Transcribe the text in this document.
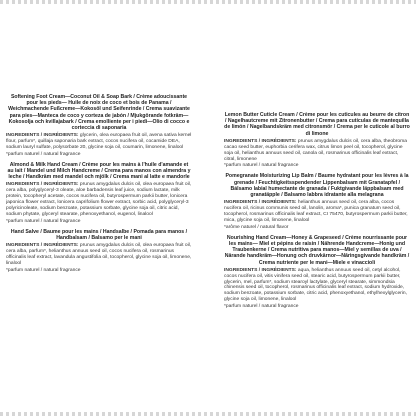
Softening Foot Cream—Coconut Oil & Soap Bark / Crème adoucissante pour les pieds— Huile de noix de coco et bois de Panama / Weichmachende Fußcreme—Kokosöl und Seifenrinde / Crema suavizante para pies—Manteca de coco y corteza de jabón / Mjukgörande fotkräm—Kokosolja och kvillajabark / Crema emolliente per i piedi—Olio di cocco e corteccia di saponaria

INGREDIENTS / INGRÉDIENTS: glycerin, olea europaea fruit oil, avena sativa kernel flour, parfum*, quillaja saponaria bark extract, cocos nucifera oil, cocamide DEA, sodium lauryl sulfate, polysorbate 20, glycine soja oil, coumarin, limonene, linalool

*parfum naturel / natural fragrance

Almond & Milk Hand Cream / Crème pour les mains à l'huile d'amande et au lait / Mandel und Milch Handcreme / Crema para manos con almendra y leche / Handkräm med mandel och mjölk / Crema mani al latte e mandorle

INGREDIENTS / INGRÉDIENTS: prunus amygdalus dulcis oil, olea europaea fruit oil, cera alba, polyglyceryl-3 oleate, aloe barbadensis leaf juice, sodium lactate, milk protein, tocopheryl acetate, cocos nucifera oil, butyrospermum parkii butter, lonicera japonica flower extract, lonicera caprifolium flower extract, sorbic acid, polyglyceryl-3 polyricinoleate, sodium benzoate, potassium sorbate, glycine soja oil, citric acid, sodium phytate, glyceryl stearate, phenoxyethanol, eugenol, linalool

*parfum naturel / natural fragrance

Hand Salve / Baume pour les mains / Handsalbe / Pomada para manos / Handbalsam / Balsamo per le mani

INGREDIENTS / INGRÉDIENTS: prunus amygdalus dulcis oil, olea europaea fruit oil, cera alba, parfum*, helianthus annuus seed oil, cocos nucifera oil, rosmarinus officinalis leaf extract, lavandula angustifolia oil, tocopherol, glycine soja oil, limonene, linalool

*parfum naturel / natural fragrance

Lemon Butter Cuticle Cream / Crème pour les cuticules au beurre de citron / Nagelhautcreme mit Zitronenbutter / Crema para cutículas de mantequilla de limón / Nagelbandskräm med citronsmör / Crema per le cuticole al burro di limone

INGREDIENTS / INGRÉDIENTS: prunus amygdalus dulcis oil, cera alba, theobroma cacao seed butter, euphorbia cerifera wax, citrus limon peel oil, tocopherol, glycine soja oil, helianthus annuus seed oil, canola oil, rosmarinus officinalis leaf extract, citral, limonene

*parfum naturel / natural fragrance

Pomegranate Moisturizing Lip Balm / Baume hydratant pour les lèvres à la grenade / Feuchtigkeitsspendender Lippenbalsam mit Granatapfel / Bálsamo labial humectante de granada / Fuktgivande läppbalsam med granatäpple / Balsamo labbra idratante alla melagrana

INGREDIENTS / INGRÉDIENTS: helianthus annuus seed oil, cera alba, cocos nucifera oil, ricinus communis seed oil, lanolin, aroma*, punica granatum seed oil, tocopherol, rosmarinus officinalis leaf extract, CI 75470, butyrospermum parkii butter, mica, glycine soja oil, limonene, linalool

*arôme naturel / natural flavor

Nourishing Hand Cream—Honey & Grapeseed / Crème nourrissante pour les mains— Miel et pépins de raisin / Nährende Handcreme—Honig und Traubenkerne / Crema nutritiva para manos—Miel y semillas de uva / Närande handkräm—Honung och druvkärnor—Nāringsgivande handkräm / Crema nutriente per le mani—Miele e vinaccioli

INGREDIENTS / INGRÉDIENTS: aqua, helianthus annuus seed oil, cetyl alcohol, cocos nucifera oil, vitis vinifera seed oil, stearic acid, butyrospermum parkii butter, glycerin, mel, parfum*, sodium stearoyl lactylate, glyceryl stearate, simmondsia chinensis seed oil, tocopherol, rosmarinus officinalis leaf extract, sodium hydroxide, sodium benzoate, potassium sorbate, citric acid, phenoxyethanol, ethylhexylglycerin, glycine soja oil, limonene, linalool

*parfum naturel / natural fragrance
